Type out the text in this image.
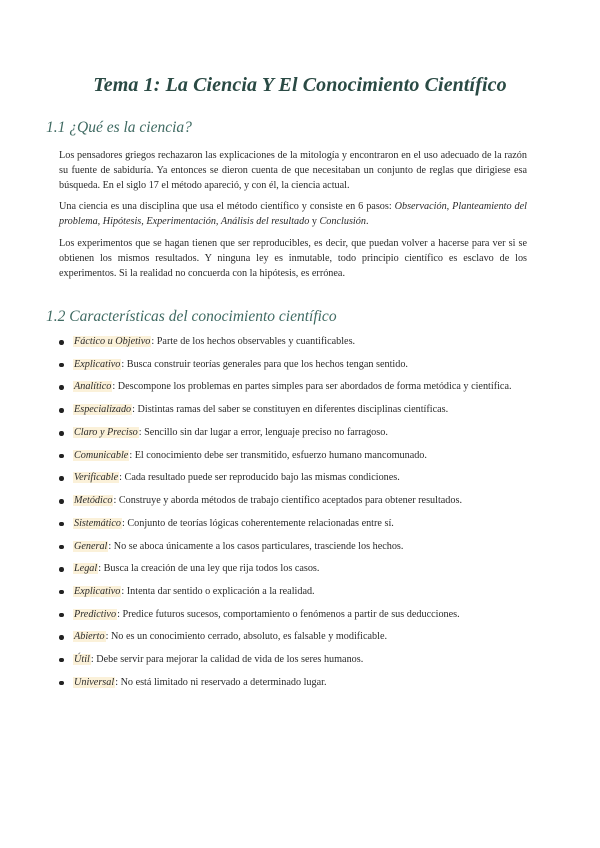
Tema 1: La Ciencia Y El Conocimiento Científico
1.1 ¿Qué es la ciencia?

Los pensadores griegos rechazaron las explicaciones de la mitología y encontraron en el uso adecuado de la razón su fuente de sabiduría. Ya entonces se dieron cuenta de que necesitaban un conjunto de reglas que dirigiese esa búsqueda. En el siglo 17 el método apareció, y con él, la ciencia actual.

Una ciencia es una disciplina que usa el método científico y consiste en 6 pasos: Observación, Planteamiento del problema, Hipótesis, Experimentación, Análisis del resultado y Conclusión.

Los experimentos que se hagan tienen que ser reproducibles, es decir, que puedan volver a hacerse para ver si se obtienen los mismos resultados. Y ninguna ley es inmutable, todo principio científico es esclavo de los experimentos. Si la realidad no concuerda con la hipótesis, es errónea.

1.2 Características del conocimiento científico
Fáctico u Objetivo: Parte de los hechos observables y cuantificables.
Explicativo: Busca construir teorías generales para que los hechos tengan sentido.
Analítico: Descompone los problemas en partes simples para ser abordados de forma metódica y científica.
Especializado: Distintas ramas del saber se constituyen en diferentes disciplinas científicas.
Claro y Preciso: Sencillo sin dar lugar a error, lenguaje preciso no farragoso.
Comunicable: El conocimiento debe ser transmitido, esfuerzo humano mancomunado.
Verificable: Cada resultado puede ser reproducido bajo las mismas condiciones.
Metódico: Construye y aborda métodos de trabajo científico aceptados para obtener resultados.
Sistemático: Conjunto de teorías lógicas coherentemente relacionadas entre sí.
General: No se aboca únicamente a los casos particulares, trasciende los hechos.
Legal: Busca la creación de una ley que rija todos los casos.
Explicativo: Intenta dar sentido o explicación a la realidad.
Predictivo: Predice futuros sucesos, comportamiento o fenómenos a partir de sus deducciones.
Abierto: No es un conocimiento cerrado, absoluto, es falsable y modificable.
Útil: Debe servir para mejorar la calidad de vida de los seres humanos.
Universal: No está limitado ni reservado a determinado lugar.
